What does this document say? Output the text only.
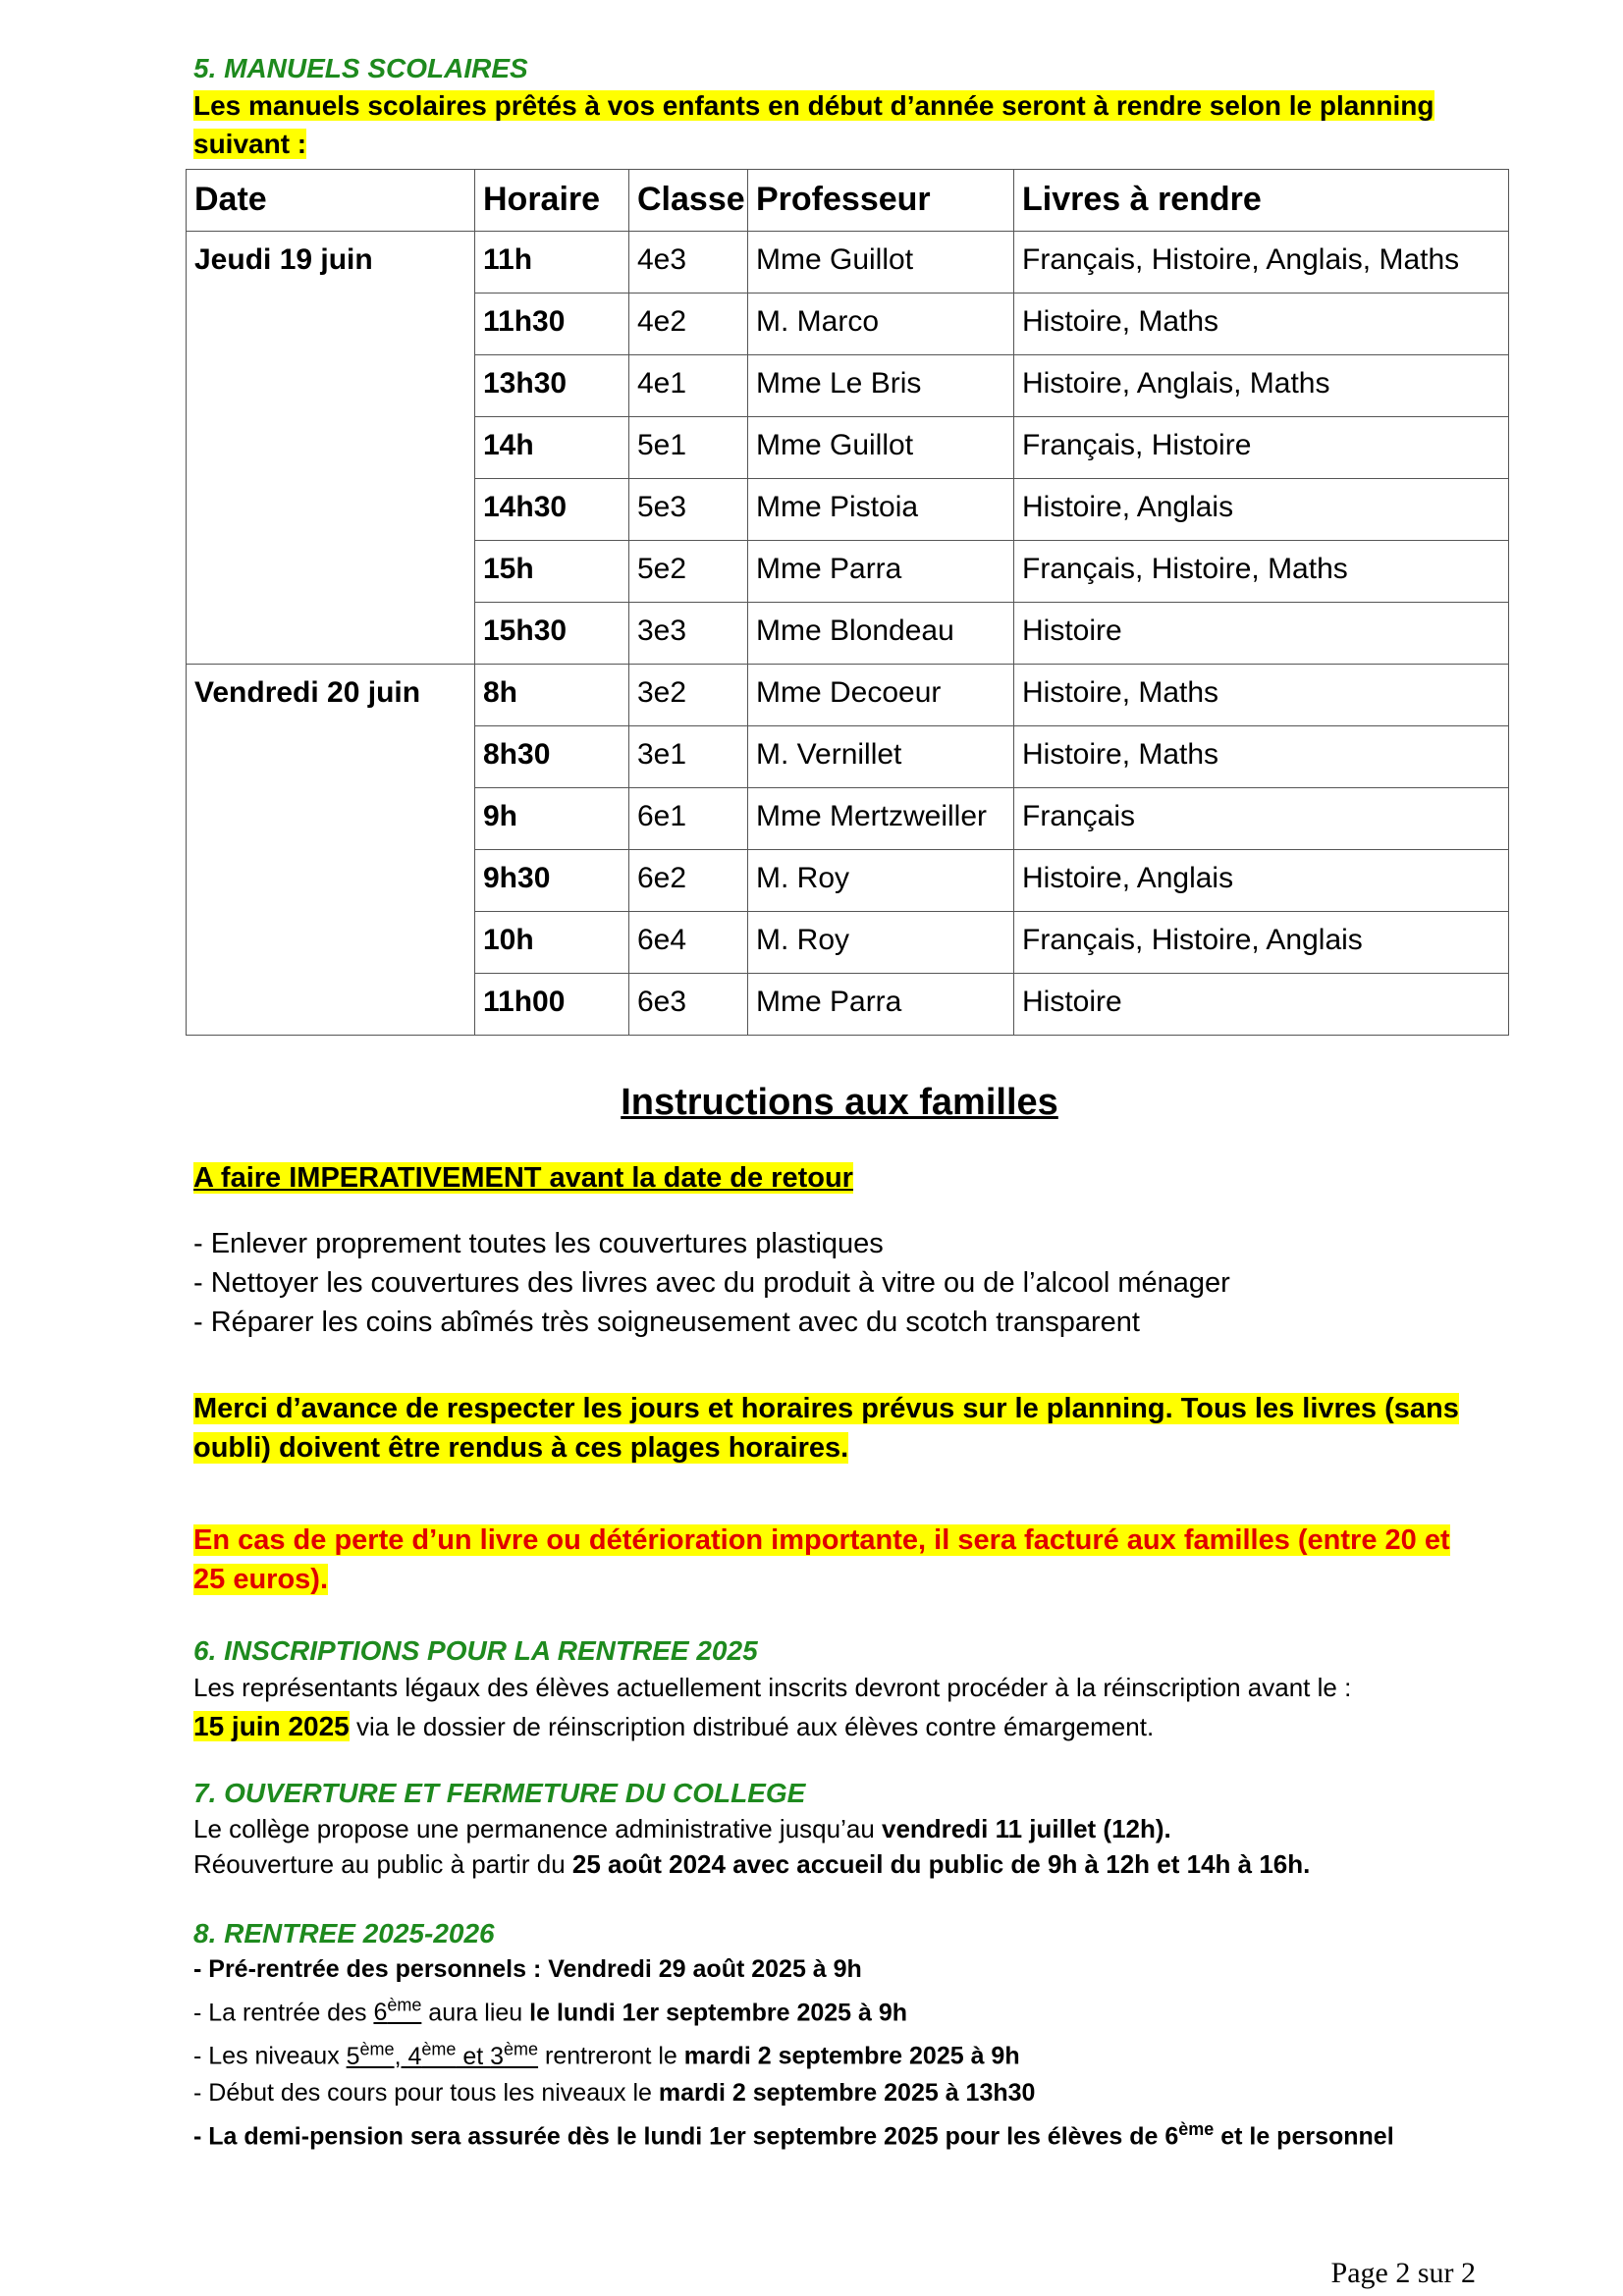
5. MANUELS SCOLAIRES

Les manuels scolaires prêtés à vos enfants en début d’année seront à rendre selon le planning
suivant :

Date	Horaire	Classe	Professeur	Livres à rendre
Jeudi 19 juin	11h	4e3	Mme Guillot	Français, Histoire, Anglais, Maths
	11h30	4e2	M. Marco	Histoire, Maths
	13h30	4e1	Mme Le Bris	Histoire, Anglais, Maths
	14h	5e1	Mme Guillot	Français, Histoire
	14h30	5e3	Mme Pistoia	Histoire, Anglais
	15h	5e2	Mme Parra	Français, Histoire, Maths
	15h30	3e3	Mme Blondeau	Histoire
Vendredi 20 juin	8h	3e2	Mme Decoeur	Histoire, Maths
	8h30	3e1	M. Vernillet	Histoire, Maths
	9h	6e1	Mme Mertzweiller	Français
	9h30	6e2	M. Roy	Histoire, Anglais
	10h	6e4	M. Roy	Français, Histoire, Anglais
	11h00	6e3	Mme Parra	Histoire
Instructions aux familles
A faire IMPERATIVEMENT avant la date de retour
- Enlever proprement toutes les couvertures plastiques
- Nettoyer les couvertures des livres avec du produit à vitre ou de l’alcool ménager
- Réparer les coins abîmés très soigneusement avec du scotch transparent
Merci d’avance de respecter les jours et horaires prévus sur le planning. Tous les livres (sans
oubli) doivent être rendus à ces plages horaires.
En cas de perte d’un livre ou détérioration importante, il sera facturé aux familles (entre 20 et
25 euros).

6. INSCRIPTIONS POUR LA RENTREE 2025

Les représentants légaux des élèves actuellement inscrits devront procéder à la réinscription avant le :
15 juin 2025 via le dossier de réinscription distribué aux élèves contre émargement.

7. OUVERTURE ET FERMETURE DU COLLEGE

Le collège propose une permanence administrative jusqu’au vendredi 11 juillet (12h).
Réouverture au public à partir du 25 août 2024 avec accueil du public de 9h à 12h et 14h à 16h.

8. RENTREE 2025-2026

- Pré-rentrée des personnels : Vendredi 29 août 2025 à 9h
- La rentrée des 6ème aura lieu le lundi 1er septembre 2025 à 9h
- Les niveaux 5ème, 4ème et 3ème rentreront le mardi 2 septembre 2025 à 9h
- Début des cours pour tous les niveaux le mardi 2 septembre 2025 à 13h30
- La demi-pension sera assurée dès le lundi 1er septembre 2025 pour les élèves de 6ème et le personnel
Page 2 sur 2
